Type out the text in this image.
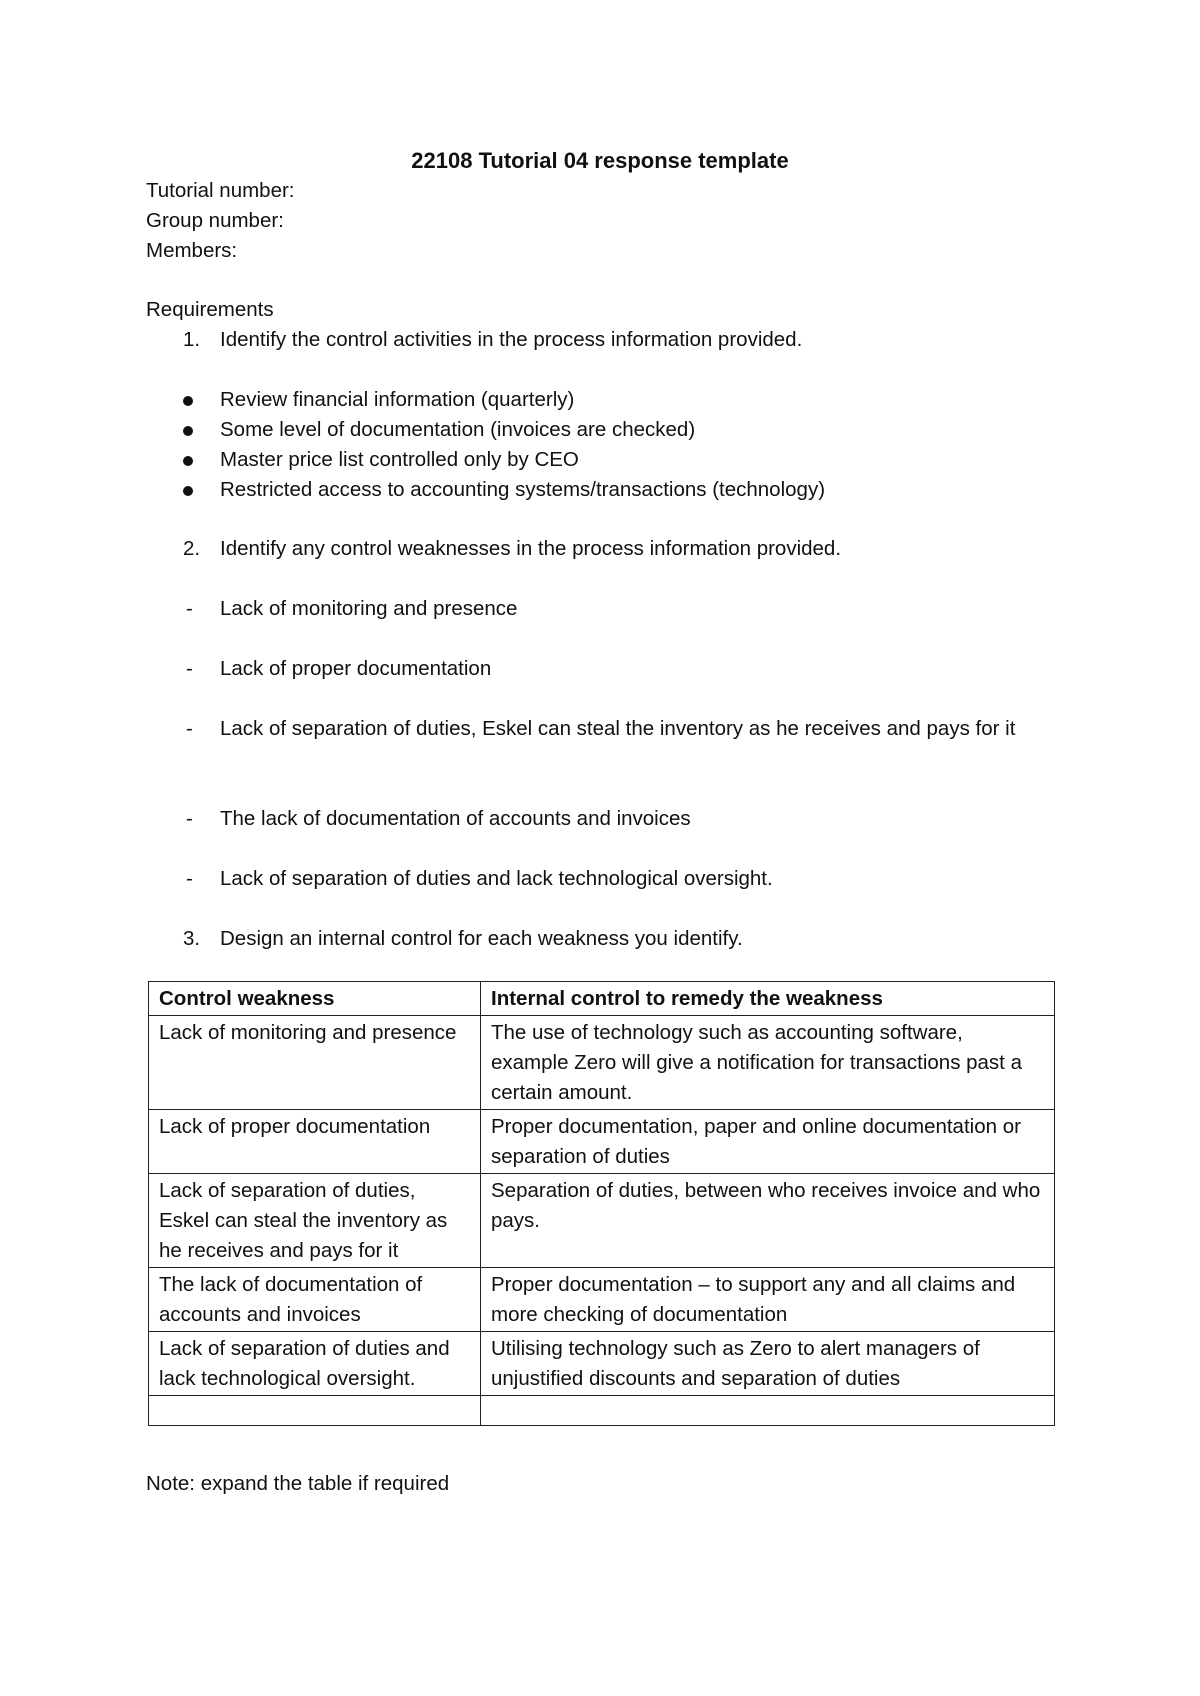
22108 Tutorial 04 response template
Tutorial number:
Group number:
Members:
Requirements
1. Identify the control activities in the process information provided.
Review financial information (quarterly)
Some level of documentation (invoices are checked)
Master price list controlled only by CEO
Restricted access to accounting systems/transactions (technology)
2. Identify any control weaknesses in the process information provided.
- Lack of monitoring and presence
- Lack of proper documentation
- Lack of separation of duties, Eskel can steal the inventory as he receives and pays for it
- The lack of documentation of accounts and invoices
- Lack of separation of duties and lack technological oversight.
3. Design an internal control for each weakness you identify.
Control weakness	Internal control to remedy the weakness
Lack of monitoring and presence	The use of technology such as accounting software, example Zero will give a notification for transactions past a certain amount.
Lack of proper documentation	Proper documentation, paper and online documentation or separation of duties
Lack of separation of duties, Eskel can steal the inventory as he receives and pays for it	Separation of duties, between who receives invoice and who pays.
The lack of documentation of accounts and invoices	Proper documentation – to support any and all claims and more checking of documentation
Lack of separation of duties and lack technological oversight.	Utilising technology such as Zero to alert managers of unjustified discounts and separation of duties

Note: expand the table if required
